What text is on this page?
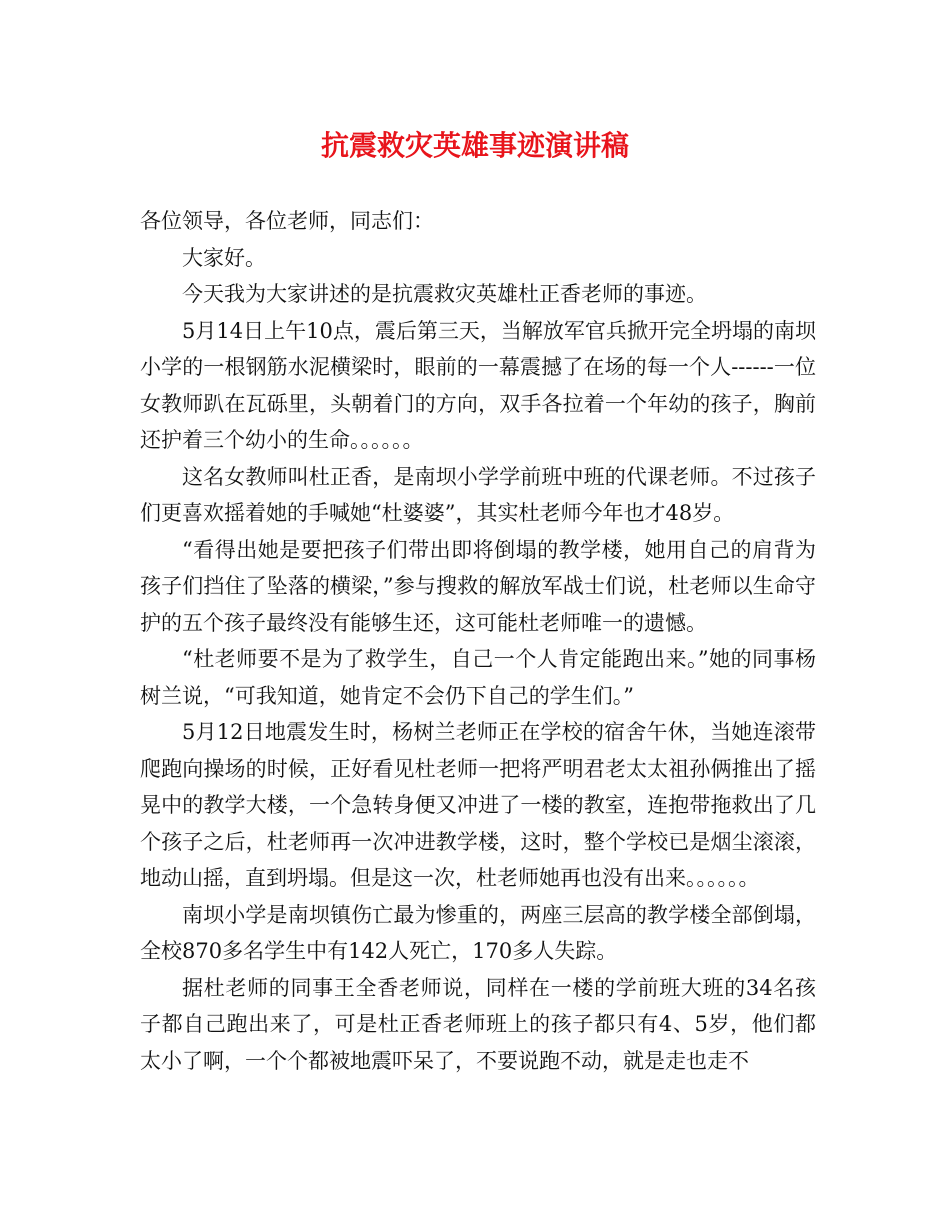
抗震救灾英雄事迹演讲稿

各位领导，各位老师，同志们：

大家好。

今天我为大家讲述的是抗震救灾英雄杜正香老师的事迹。

5月14日上午10点，震后第三天，当解放军官兵掀开完全坍塌的南坝小学的一根钢筋水泥横梁时，眼前的一幕震撼了在场的每一个人------一位女教师趴在瓦砾里，头朝着门的方向，双手各拉着一个年幼的孩子，胸前还护着三个幼小的生命。。。。。。

这名女教师叫杜正香，是南坝小学学前班中班的代课老师。不过孩子们更喜欢摇着她的手喊她“杜婆婆”，其实杜老师今年也才48岁。

“看得出她是要把孩子们带出即将倒塌的教学楼，她用自己的肩背为孩子们挡住了坠落的横梁，”参与搜救的解放军战士们说，杜老师以生命守护的五个孩子最终没有能够生还，这可能杜老师唯一的遗憾。

“杜老师要不是为了救学生，自己一个人肯定能跑出来。”她的同事杨树兰说，“可我知道，她肯定不会仍下自己的学生们。”

5月12日地震发生时，杨树兰老师正在学校的宿舍午休，当她连滚带爬跑向操场的时候，正好看见杜老师一把将严明君老太太祖孙俩推出了摇晃中的教学大楼，一个急转身便又冲进了一楼的教室，连抱带拖救出了几个孩子之后，杜老师再一次冲进教学楼，这时，整个学校已是烟尘滚滚，地动山摇，直到坍塌。但是这一次，杜老师她再也没有出来。。。。。。

南坝小学是南坝镇伤亡最为惨重的，两座三层高的教学楼全部倒塌，全校870多名学生中有142人死亡，170多人失踪。

据杜老师的同事王全香老师说，同样在一楼的学前班大班的34名孩子都自己跑出来了，可是杜正香老师班上的孩子都只有4、5岁，他们都太小了啊，一个个都被地震吓呆了，不要说跑不动，就是走也走不
